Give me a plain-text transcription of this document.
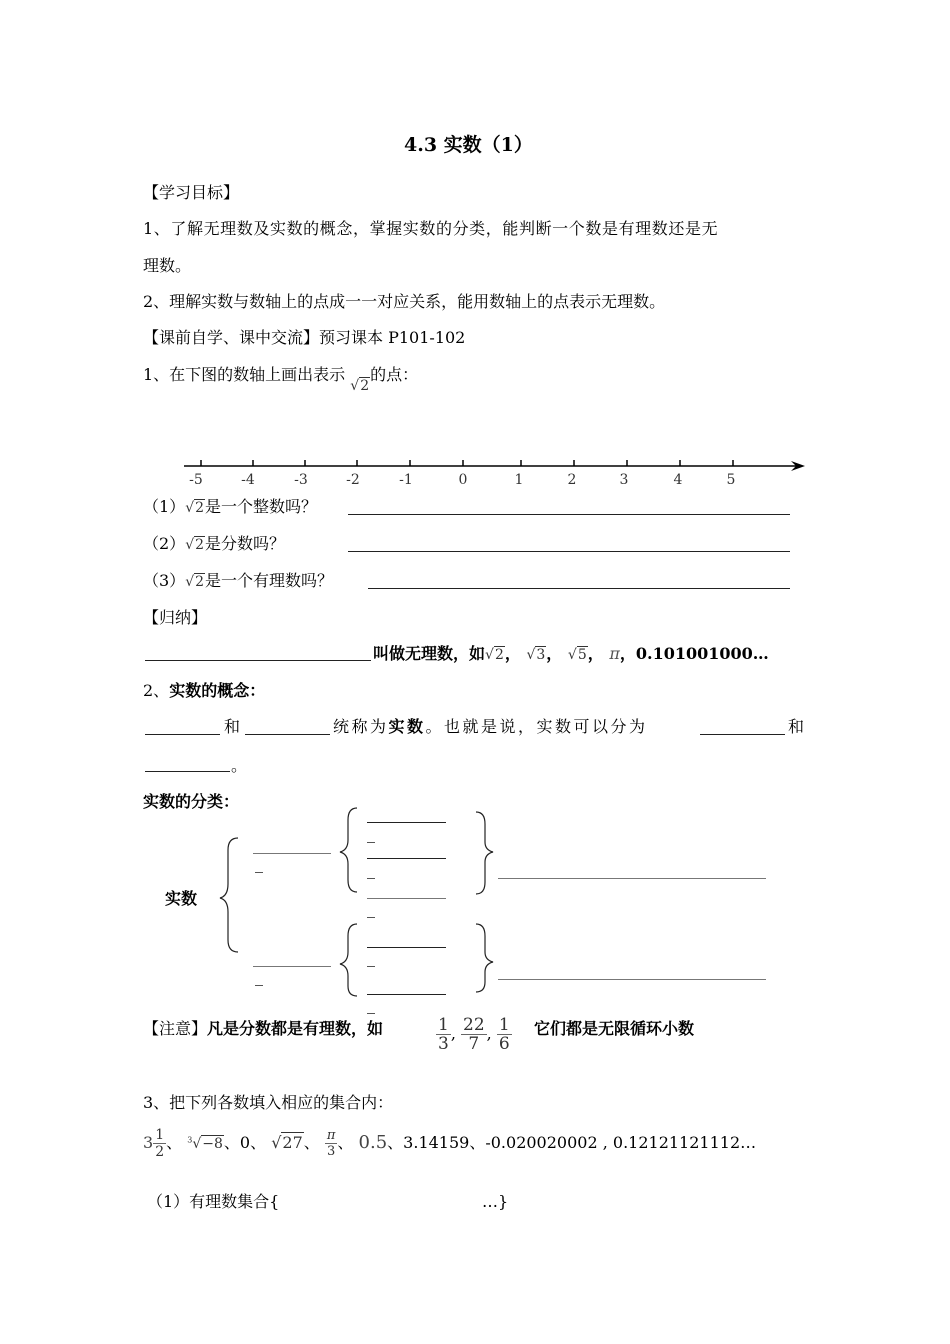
4.3 实数（1）
【学习目标】
1、了解无理数及实数的概念，掌握实数的分类，能判断一个数是有理数还是无
理数。
2、理解实数与数轴上的点成一一对应关系，能用数轴上的点表示无理数。
【课前自学、课中交流】预习课本 P101-102
1、在下图的数轴上画出表示 √2的点：
-5	-4	-3	-2	-1	0	1	2	3	4	5
（1）√2是一个整数吗？
（2）√2是分数吗？
（3）√2是一个有理数吗？
【归纳】
叫做无理数，如√2， √3， √5， π，0.101001000…
2、实数的概念：
和	统称为实数。也就是说，实数可以分为	和
。
实数的分类：
实数
【注意】凡是分数都是有理数，如	$\frac{1}{3}$ , $\frac{22}{7}$ , $\frac{1}{6}$ 它们都是无限循环小数
3、把下列各数填入相应的集合内：
$3 \frac{1}{2}$ 、 $^3$√−8、0、 √27、 $\frac{\pi}{3}$ 、 0.5、3.14159、-0.020020002 , 0.12121121112…
（1）有理数集合{	…}
